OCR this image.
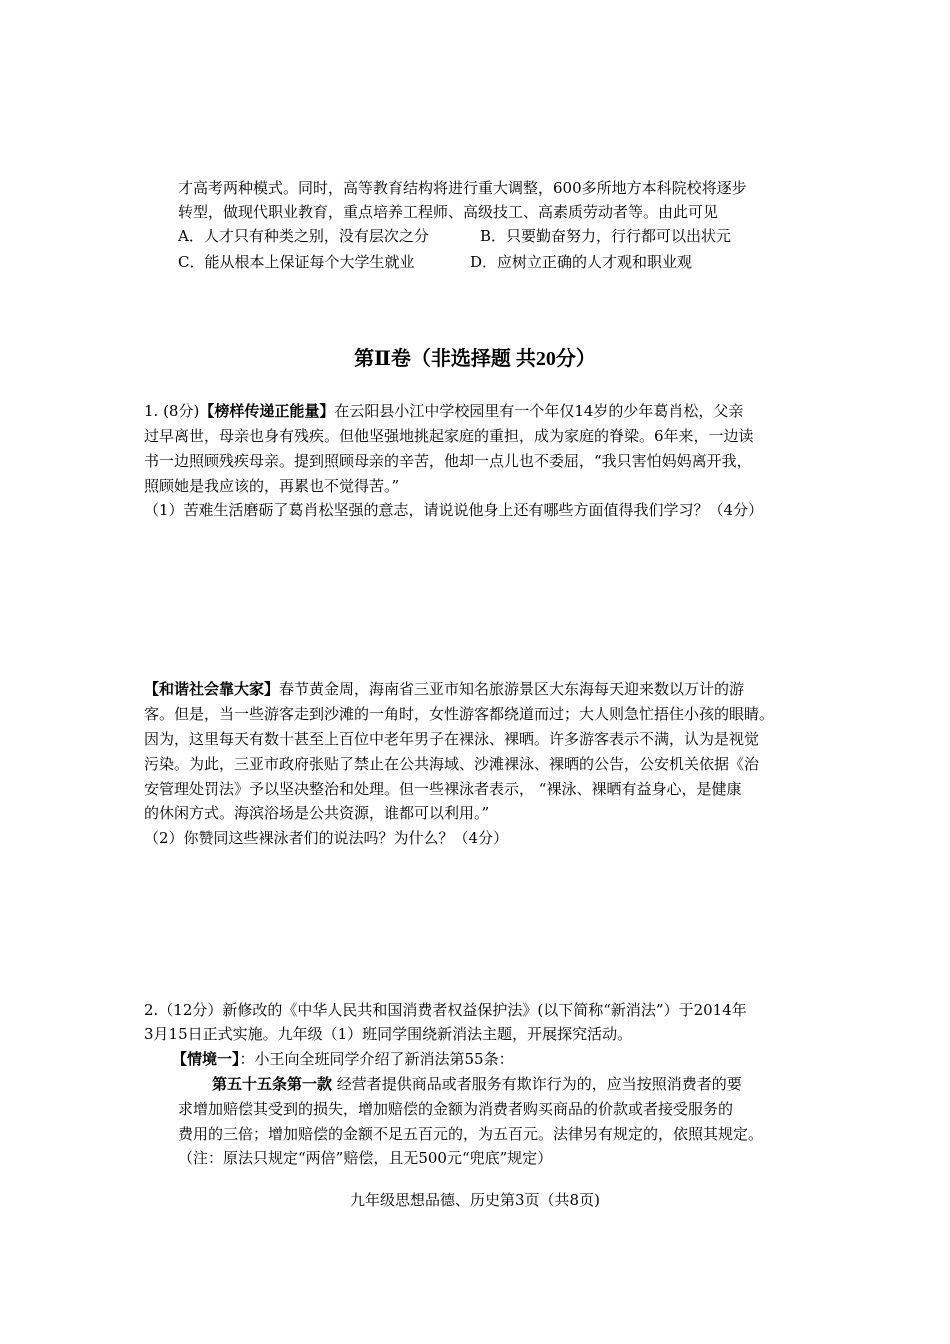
才高考两种模式。同时，高等教育结构将进行重大调整，600多所地方本科院校将逐步
转型，做现代职业教育，重点培养工程师、高级技工、高素质劳动者等。由此可见
A．人才只有种类之别，没有层次之分	B．只要勤奋努力，行行都可以出状元
C．能从根本上保证每个大学生就业	D．应树立正确的人才观和职业观
第Ⅱ卷（非选择题 共20分）
1. (8分)【榜样传递正能量】在云阳县小江中学校园里有一个年仅14岁的少年葛肖松，父亲
过早离世，母亲也身有残疾。但他坚强地挑起家庭的重担，成为家庭的脊梁。6年来，一边读
书一边照顾残疾母亲。提到照顾母亲的辛苦，他却一点儿也不委屈，“我只害怕妈妈离开我，
照顾她是我应该的，再累也不觉得苦。”
（1）苦难生活磨砺了葛肖松坚强的意志，请说说他身上还有哪些方面值得我们学习？（4分）
【和谐社会靠大家】春节黄金周，海南省三亚市知名旅游景区大东海每天迎来数以万计的游
客。但是，当一些游客走到沙滩的一角时，女性游客都绕道而过；大人则急忙捂住小孩的眼睛。
因为，这里每天有数十甚至上百位中老年男子在裸泳、裸晒。许多游客表示不满，认为是视觉
污染。为此，三亚市政府张贴了禁止在公共海域、沙滩裸泳、裸晒的公告，公安机关依据《治
安管理处罚法》予以坚决整治和处理。但一些裸泳者表示， “裸泳、裸晒有益身心，是健康
的休闲方式。海滨浴场是公共资源，谁都可以利用。”
（2）你赞同这些裸泳者们的说法吗？为什么？（4分）
2.（12分）新修改的《中华人民共和国消费者权益保护法》(以下简称“新消法”）于2014年
3月15日正式实施。九年级（1）班同学围绕新消法主题，开展探究活动。
【情境一】：小王向全班同学介绍了新消法第55条：
第五十五条第一款 经营者提供商品或者服务有欺诈行为的，应当按照消费者的要
求增加赔偿其受到的损失，增加赔偿的金额为消费者购买商品的价款或者接受服务的
费用的三倍；增加赔偿的金额不足五百元的，为五百元。法律另有规定的，依照其规定。
（注：原法只规定“两倍”赔偿，且无500元“兜底”规定）
九年级思想品德、历史第3页（共8页)
